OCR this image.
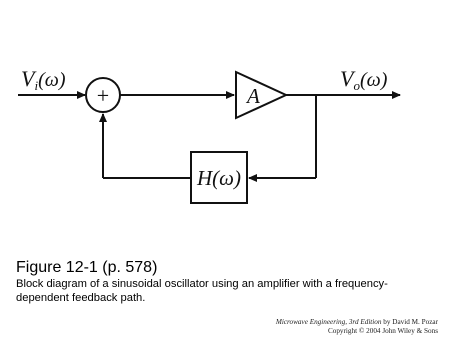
Vi(ω)
+	A
Vo(ω)
H(ω)

Figure 12-1 (p. 578)

Block diagram of a sinusoidal oscillator using an amplifier with a frequency-dependent feedback path.

Microwave Engineering, 3rd Edition by David M. Pozar
Copyright © 2004 John Wiley & Sons
